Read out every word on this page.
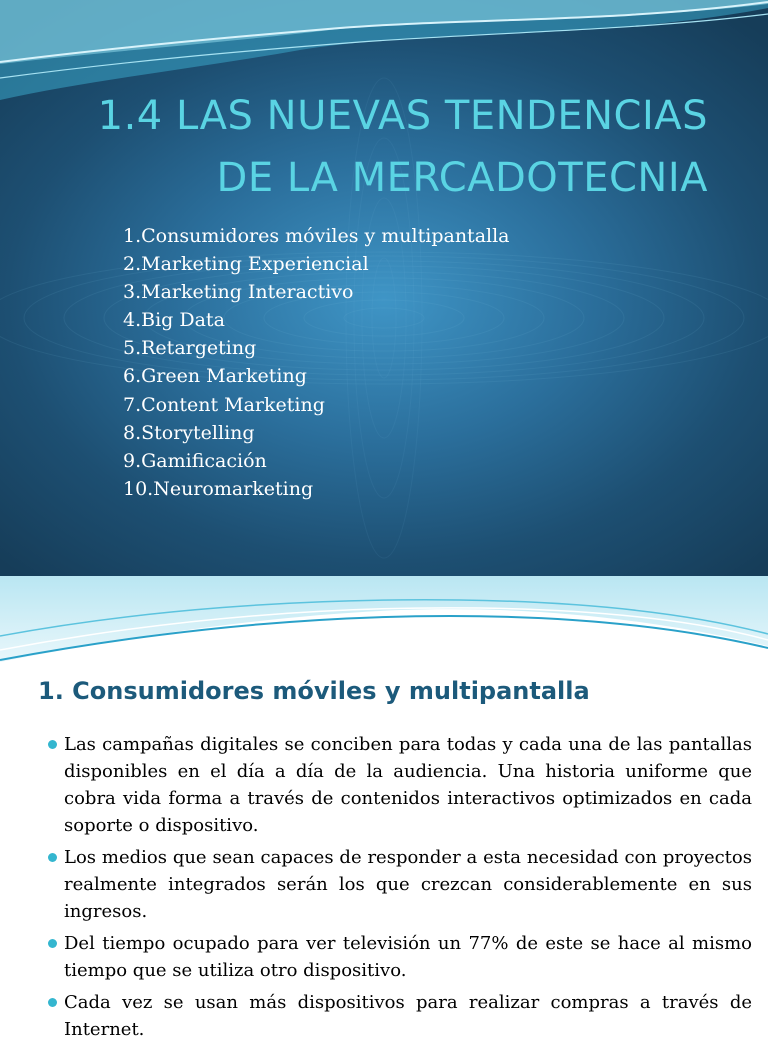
1.4 LAS NUEVAS TENDENCIAS
DE LA MERCADOTECNIA
1.Consumidores móviles y multipantalla
2.Marketing Experiencial
3.Marketing Interactivo
4.Big Data
5.Retargeting
6.Green Marketing
7.Content Marketing
8.Storytelling
9.Gamificación
10.Neuromarketing
1. Consumidores móviles y multipantalla
Las campañas digitales se conciben para todas y cada una de las pantallas disponibles en el día a día de la audiencia. Una historia uniforme que cobra vida forma a través de contenidos interactivos optimizados en cada soporte o dispositivo.
Los medios que sean capaces de responder a esta necesidad con proyectos realmente integrados serán los que crezcan considerablemente en sus ingresos.
Del tiempo ocupado para ver televisión un 77% de este se hace al mismo tiempo que se utiliza otro dispositivo.
Cada vez se usan más dispositivos para realizar compras a través de Internet.
